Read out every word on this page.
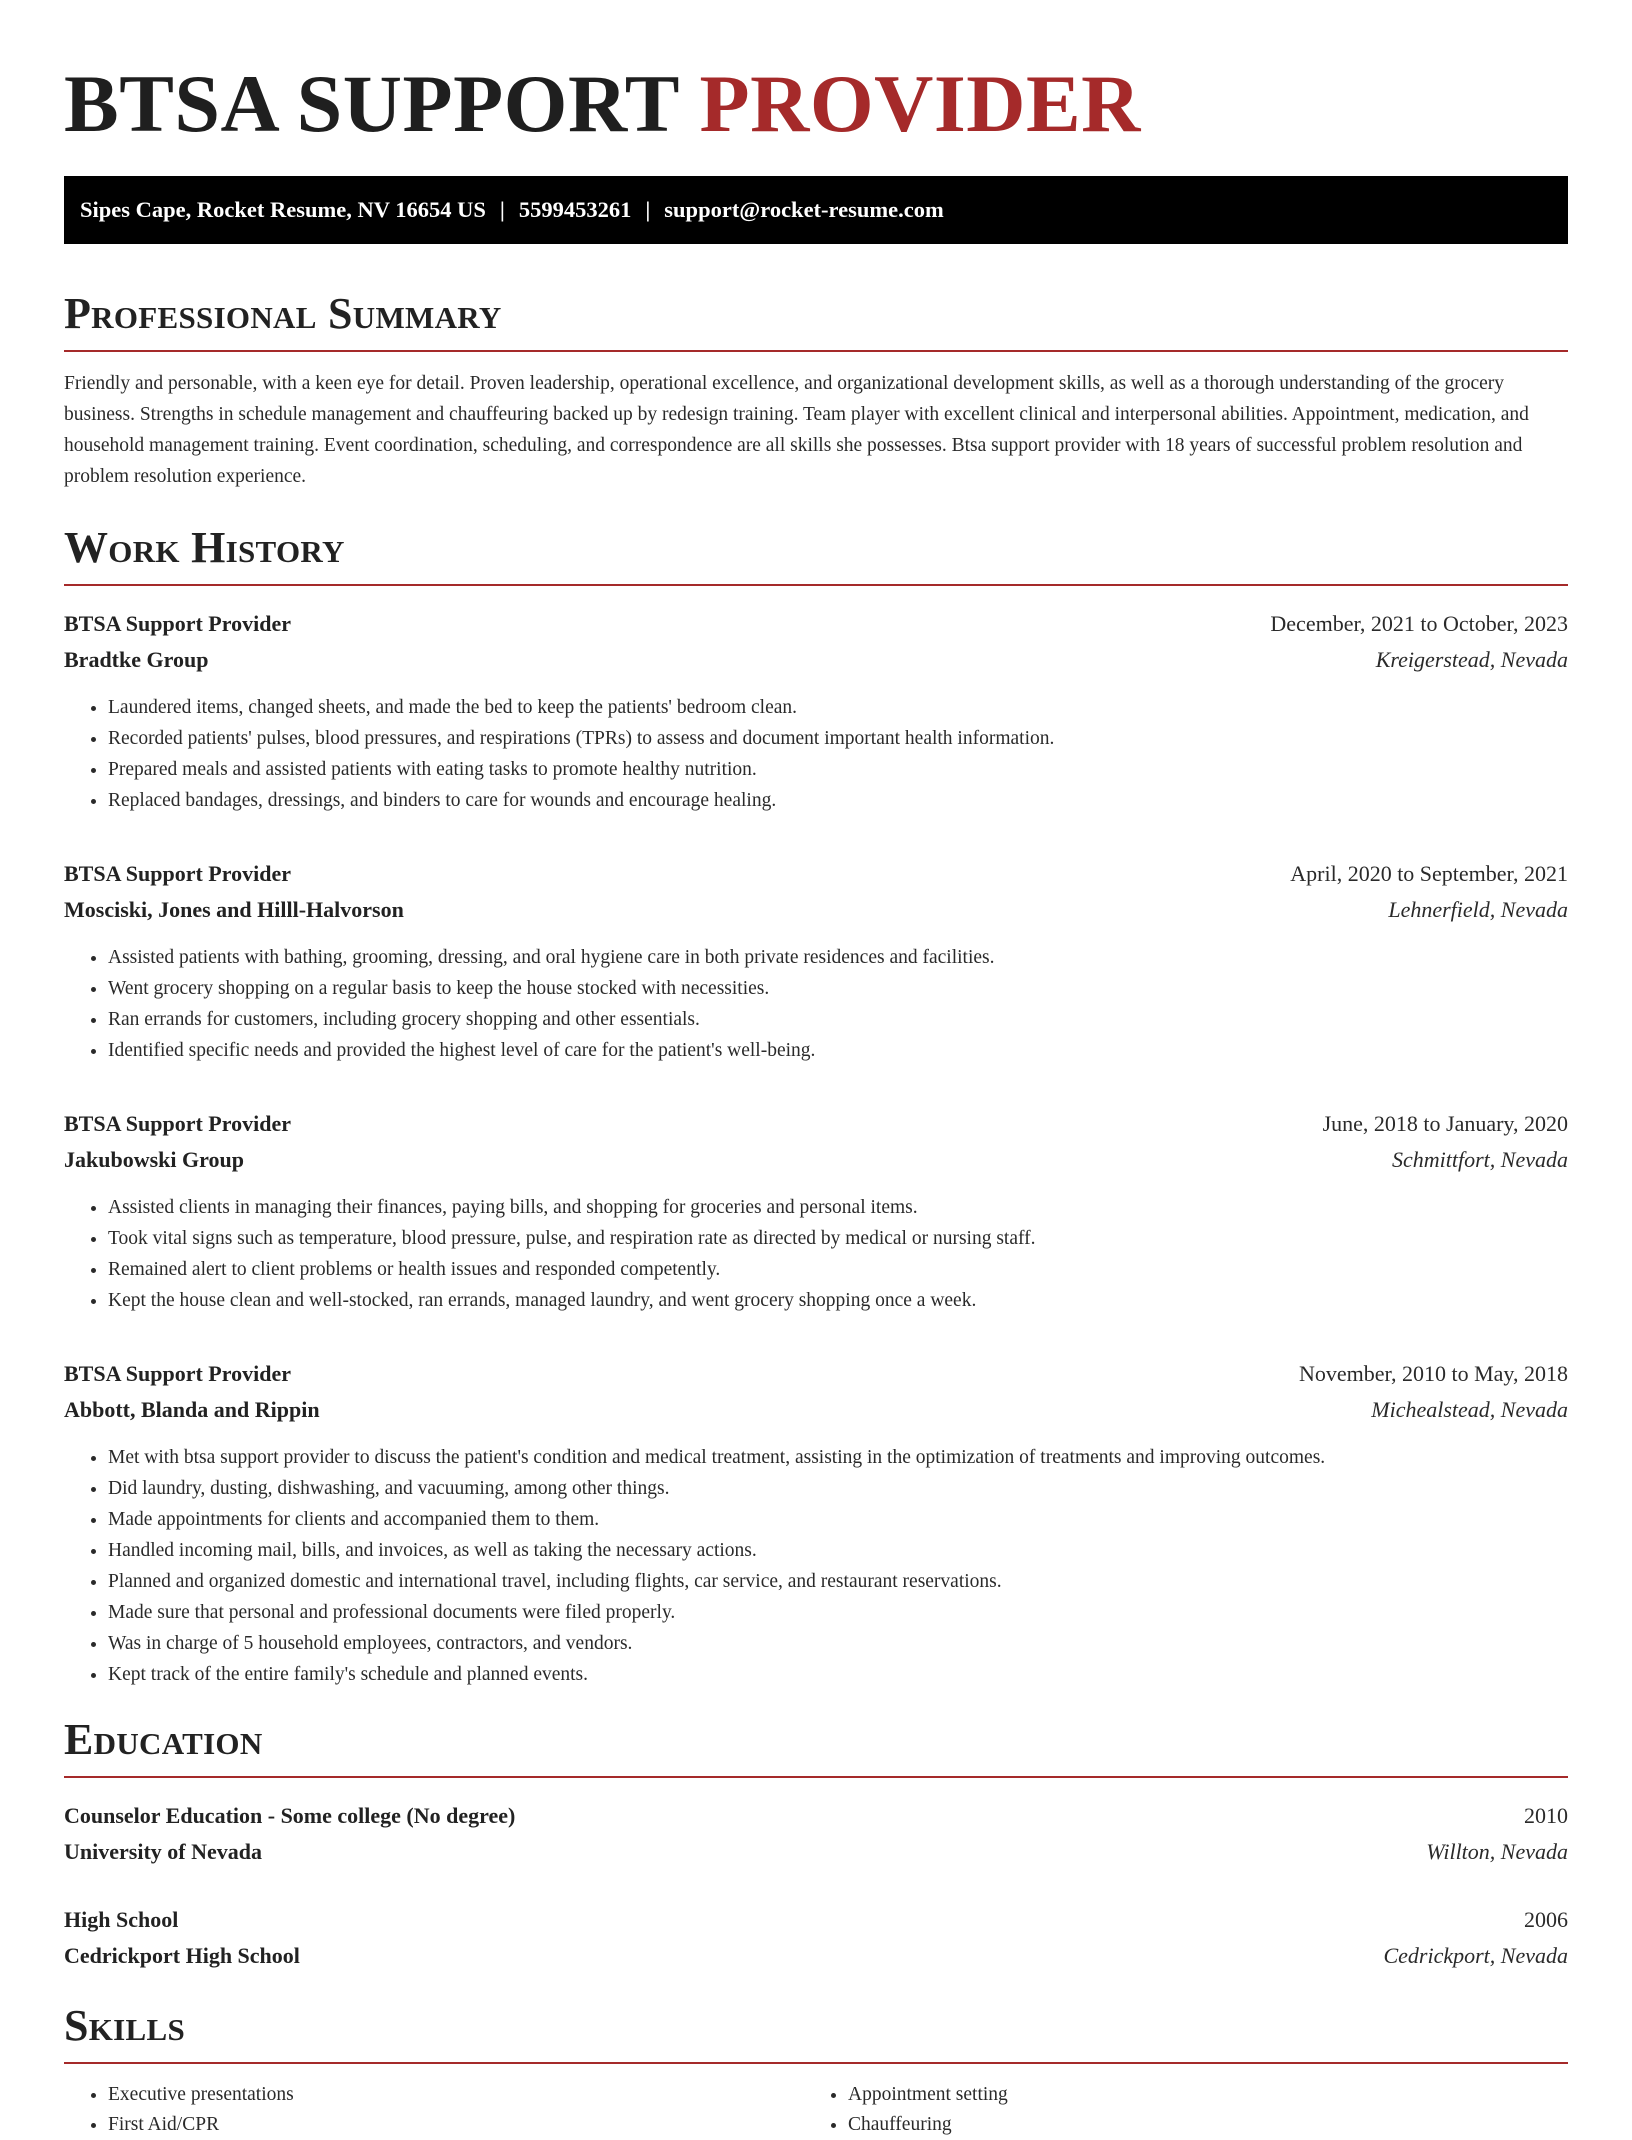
BTSA SUPPORT PROVIDER
Sipes Cape, Rocket Resume, NV 16654 US | 5599453261 | support@rocket-resume.com
Professional Summary

Friendly and personable, with a keen eye for detail. Proven leadership, operational excellence, and organizational development skills, as well as a thorough understanding of the grocery business. Strengths in schedule management and chauffeuring backed up by redesign training. Team player with excellent clinical and interpersonal abilities. Appointment, medication, and household management training. Event coordination, scheduling, and correspondence are all skills she possesses. Btsa support provider with 18 years of successful problem resolution and problem resolution experience.

Work History
BTSA Support Provider	December, 2021 to October, 2023
Bradtke Group	Kreigerstead, Nevada
• Laundered items, changed sheets, and made the bed to keep the patients' bedroom clean.
• Recorded patients' pulses, blood pressures, and respirations (TPRs) to assess and document important health information.
• Prepared meals and assisted patients with eating tasks to promote healthy nutrition.
• Replaced bandages, dressings, and binders to care for wounds and encourage healing.
BTSA Support Provider	April, 2020 to September, 2021
Mosciski, Jones and Hilll-Halvorson	Lehnerfield, Nevada
• Assisted patients with bathing, grooming, dressing, and oral hygiene care in both private residences and facilities.
• Went grocery shopping on a regular basis to keep the house stocked with necessities.
• Ran errands for customers, including grocery shopping and other essentials.
• Identified specific needs and provided the highest level of care for the patient's well-being.
BTSA Support Provider	June, 2018 to January, 2020
Jakubowski Group	Schmittfort, Nevada
• Assisted clients in managing their finances, paying bills, and shopping for groceries and personal items.
• Took vital signs such as temperature, blood pressure, pulse, and respiration rate as directed by medical or nursing staff.
• Remained alert to client problems or health issues and responded competently.
• Kept the house clean and well-stocked, ran errands, managed laundry, and went grocery shopping once a week.
BTSA Support Provider	November, 2010 to May, 2018
Abbott, Blanda and Rippin	Michealstead, Nevada
• Met with btsa support provider to discuss the patient's condition and medical treatment, assisting in the optimization of treatments and improving outcomes.
• Did laundry, dusting, dishwashing, and vacuuming, among other things.
• Made appointments for clients and accompanied them to them.
• Handled incoming mail, bills, and invoices, as well as taking the necessary actions.
• Planned and organized domestic and international travel, including flights, car service, and restaurant reservations.
• Made sure that personal and professional documents were filed properly.
• Was in charge of 5 household employees, contractors, and vendors.
• Kept track of the entire family's schedule and planned events.
Education
Counselor Education - Some college (No degree)	2010
University of Nevada	Willton, Nevada
High School	2006
Cedrickport High School	Cedrickport, Nevada
Skills
• Executive presentations
• First Aid/CPR
• Appointment setting
• Chauffeuring
